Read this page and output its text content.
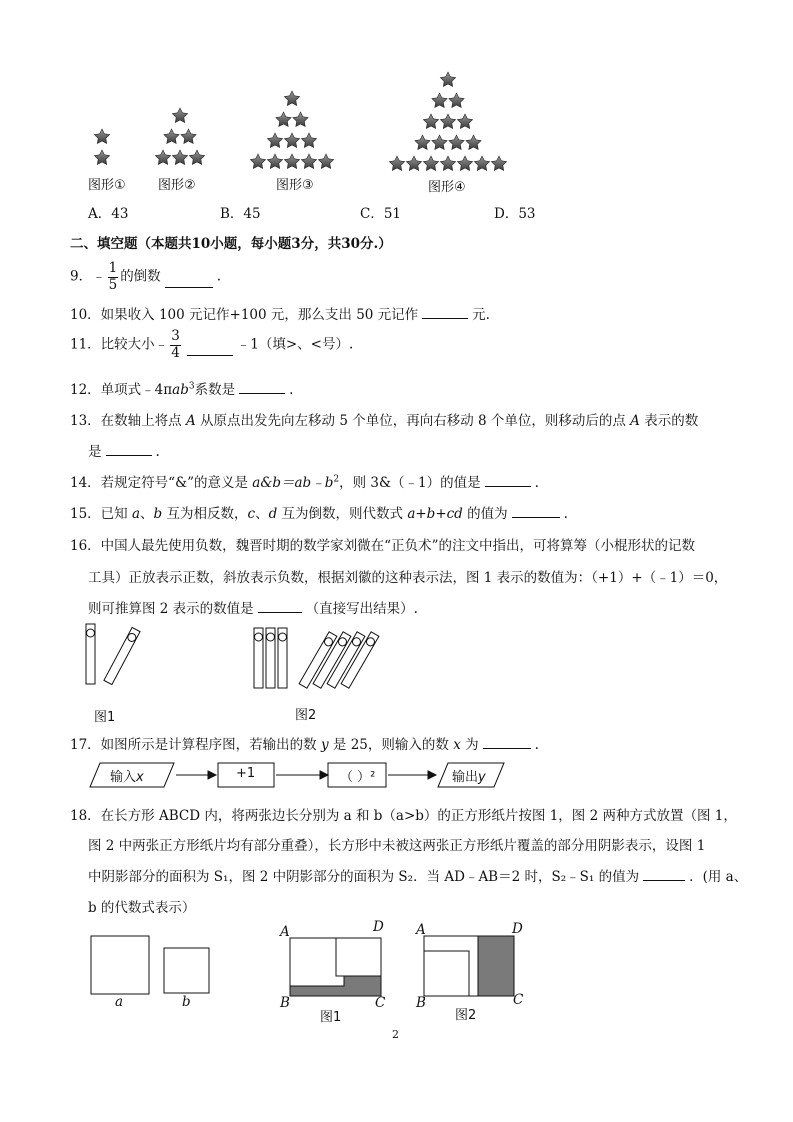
图形① 图形②	图形③	图形④
A．43	B．45	C．51	D．53
二、填空题（本题共10小题，每小题3分，共30分.）
9．﹣ $\frac{1}{5}$ 的倒数	.
10．如果收入 100 元记作+100 元，那么支出 50 元记作	元.
11．比较大小﹣ $\frac{3}{4}$	﹣1（填>、<号）.
12．单项式﹣4πab$^3$系数是	.
13．在数轴上将点 A 从原点出发先向左移动 5 个单位，再向右移动 8 个单位，则移动后的点 A 表示的数
是	.
14．若规定符号“&”的意义是 $a\&b=ab﹣b^2$，则 3&（﹣1）的值是	.
15．已知 a、b 互为相反数，c、d 互为倒数，则代数式 a+b+cd 的值为	.
16．中国人最先使用负数，魏晋时期的数学家刘微在“正负术”的注文中指出，可将算筹（小棍形状的记数
工具）正放表示正数，斜放表示负数，根据刘徽的这种表示法，图 1 表示的数值为：（+1）+（﹣1）＝0，
则可推算图 2 表示的数值是	（直接写出结果）.
图1	图2
17．如图所示是计算程序图，若输出的数 y 是 25，则输入的数 x 为	.
输入x	+1	（ ）²	输出y
18．在长方形 ABCD 内，将两张边长分别为 a 和 b（a>b）的正方形纸片按图 1，图 2 两种方式放置（图 1，
图 2 中两张正方形纸片均有部分重叠），长方形中未被这两张正方形纸片覆盖的部分用阴影表示，设图 1
中阴影部分的面积为 S₁，图 2 中阴影部分的面积为 S₂．当 AD﹣AB＝2 时，S₂﹣S₁ 的值为	．(用 a、
b 的代数式表示）
a	b
A	D
B	C
图1
A	D
B	C
图2
2
